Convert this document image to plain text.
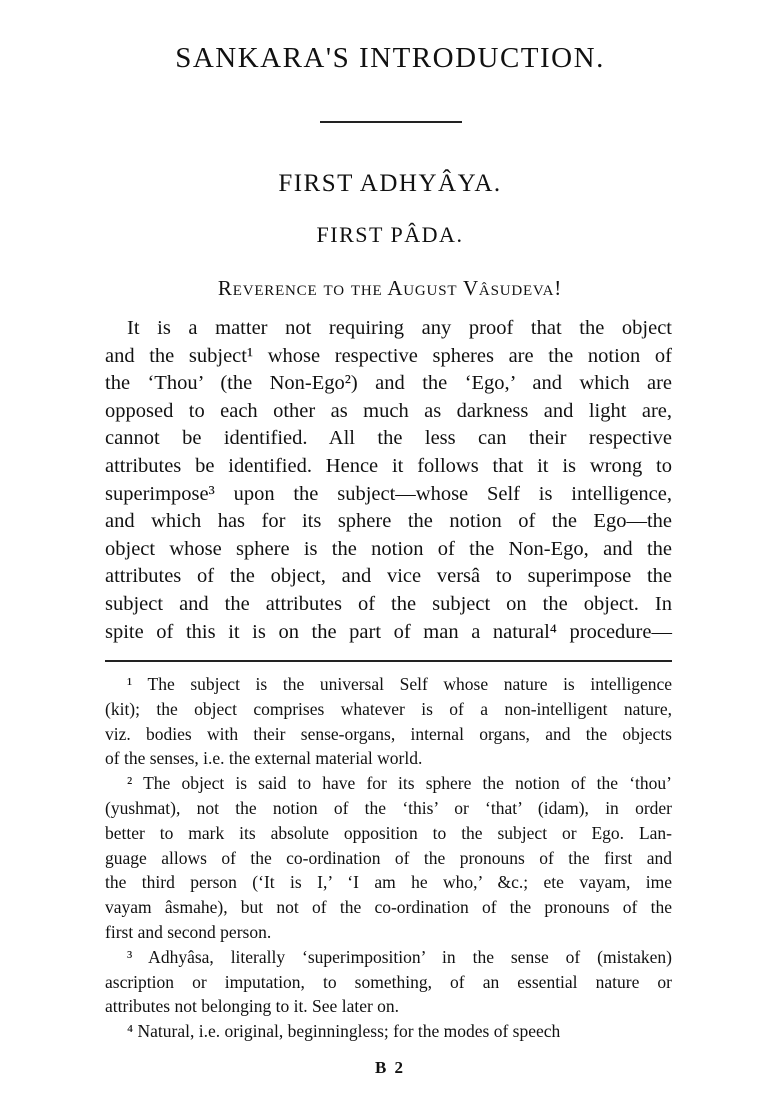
SANKARA'S INTRODUCTION.
FIRST ADHYÂYA.
FIRST PÂDA.
Reverence to the August Vâsudeva!
It is a matter not requiring any proof that the object
and the subject¹ whose respective spheres are the notion of
the ‘Thou’ (the Non-Ego²) and the ‘Ego,’ and which are
opposed to each other as much as darkness and light are,
cannot be identified. All the less can their respective
attributes be identified. Hence it follows that it is wrong to
superimpose³ upon the subject—whose Self is intelligence,
and which has for its sphere the notion of the Ego—the
object whose sphere is the notion of the Non-Ego, and the
attributes of the object, and vice versâ to superimpose the
subject and the attributes of the subject on the object. In
spite of this it is on the part of man a natural⁴ procedure—
¹ The subject is the universal Self whose nature is intelligence
(kit); the object comprises whatever is of a non-intelligent nature,
viz. bodies with their sense-organs, internal organs, and the objects
of the senses, i.e. the external material world.
² The object is said to have for its sphere the notion of the ‘thou’
(yushmat), not the notion of the ‘this’ or ‘that’ (idam), in order
better to mark its absolute opposition to the subject or Ego. Lan-
guage allows of the co-ordination of the pronouns of the first and
the third person (‘It is I,’ ‘I am he who,’ &c.; ete vayam, ime
vayam âsmahe), but not of the co-ordination of the pronouns of the
first and second person.
³ Adhyâsa, literally ‘superimposition’ in the sense of (mistaken)
ascription or imputation, to something, of an essential nature or
attributes not belonging to it. See later on.
⁴ Natural, i.e. original, beginningless; for the modes of speech
B 2
